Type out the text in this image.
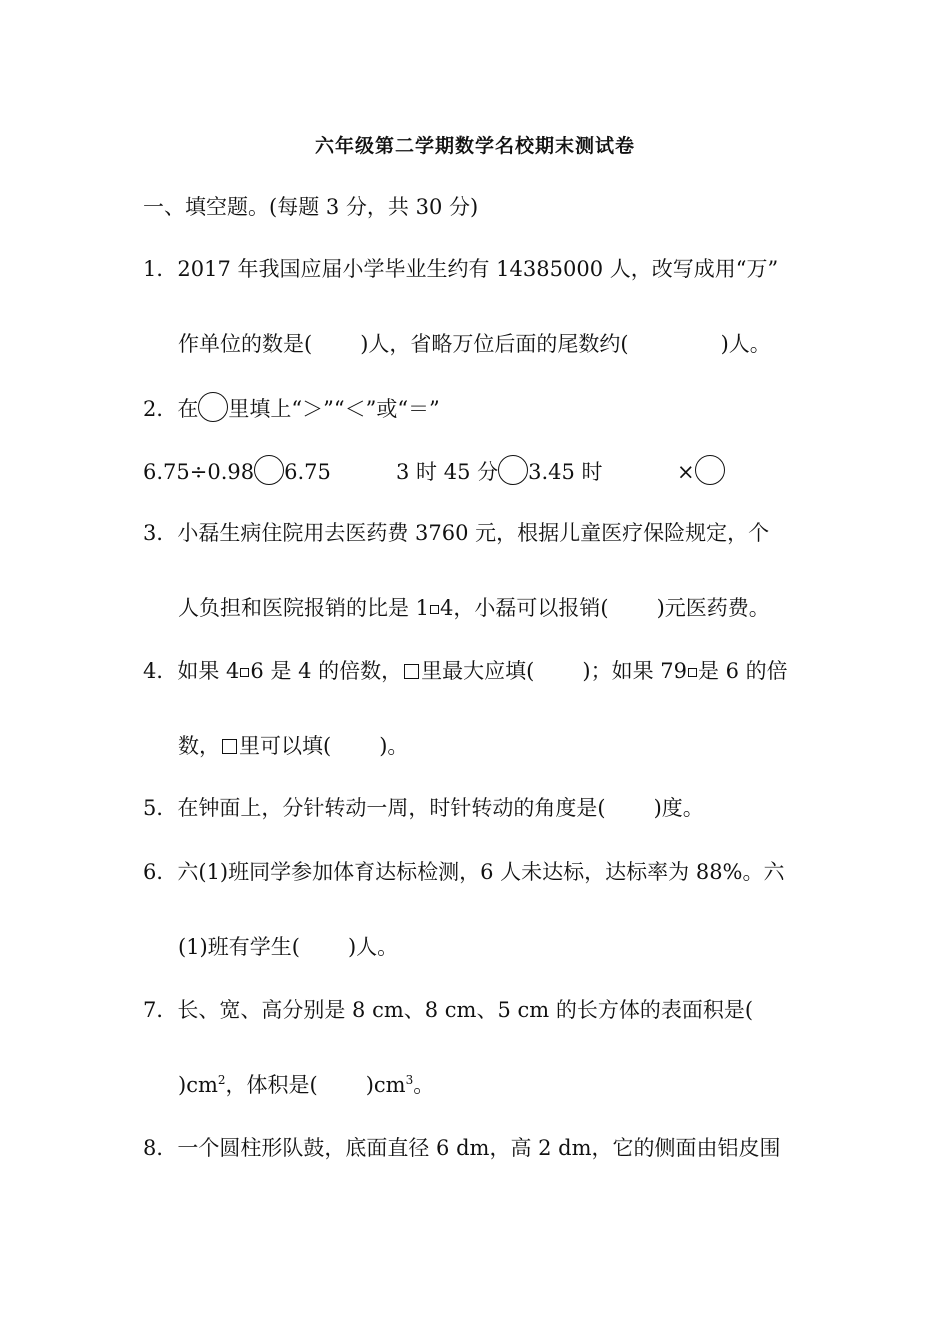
六年级第二学期数学名校期末测试卷
一、填空题。(每题 3 分，共 30 分)
1．2017 年我国应届小学毕业生约有 14385000 人，改写成用“万”
作单位的数是( )人，省略万位后面的尾数约(	)人。
2．在 里填上“＞”“＜”或“＝”
6.75÷0.98 6.75	3 时 45 分 3.45 时	×
3．小磊生病住院用去医药费 3760 元，根据儿童医疗保险规定，个
人负担和医院报销的比是 1 4，小磊可以报销( )元医药费。
4．如果 4 6 是 4 的倍数， 里最大应填( )；如果 79 是 6 的倍
数， 里可以填( )。
5．在钟面上，分针转动一周，时针转动的角度是( )度。
6．六(1)班同学参加体育达标检测，6 人未达标，达标率为 88%。六
(1)班有学生( )人。
7．长、宽、高分别是 8 cm、8 cm、5 cm 的长方体的表面积是(
)$cm^2$，体积是( )$cm^3$。
8．一个圆柱形队鼓，底面直径 6 dm，高 2 dm，它的侧面由铝皮围
